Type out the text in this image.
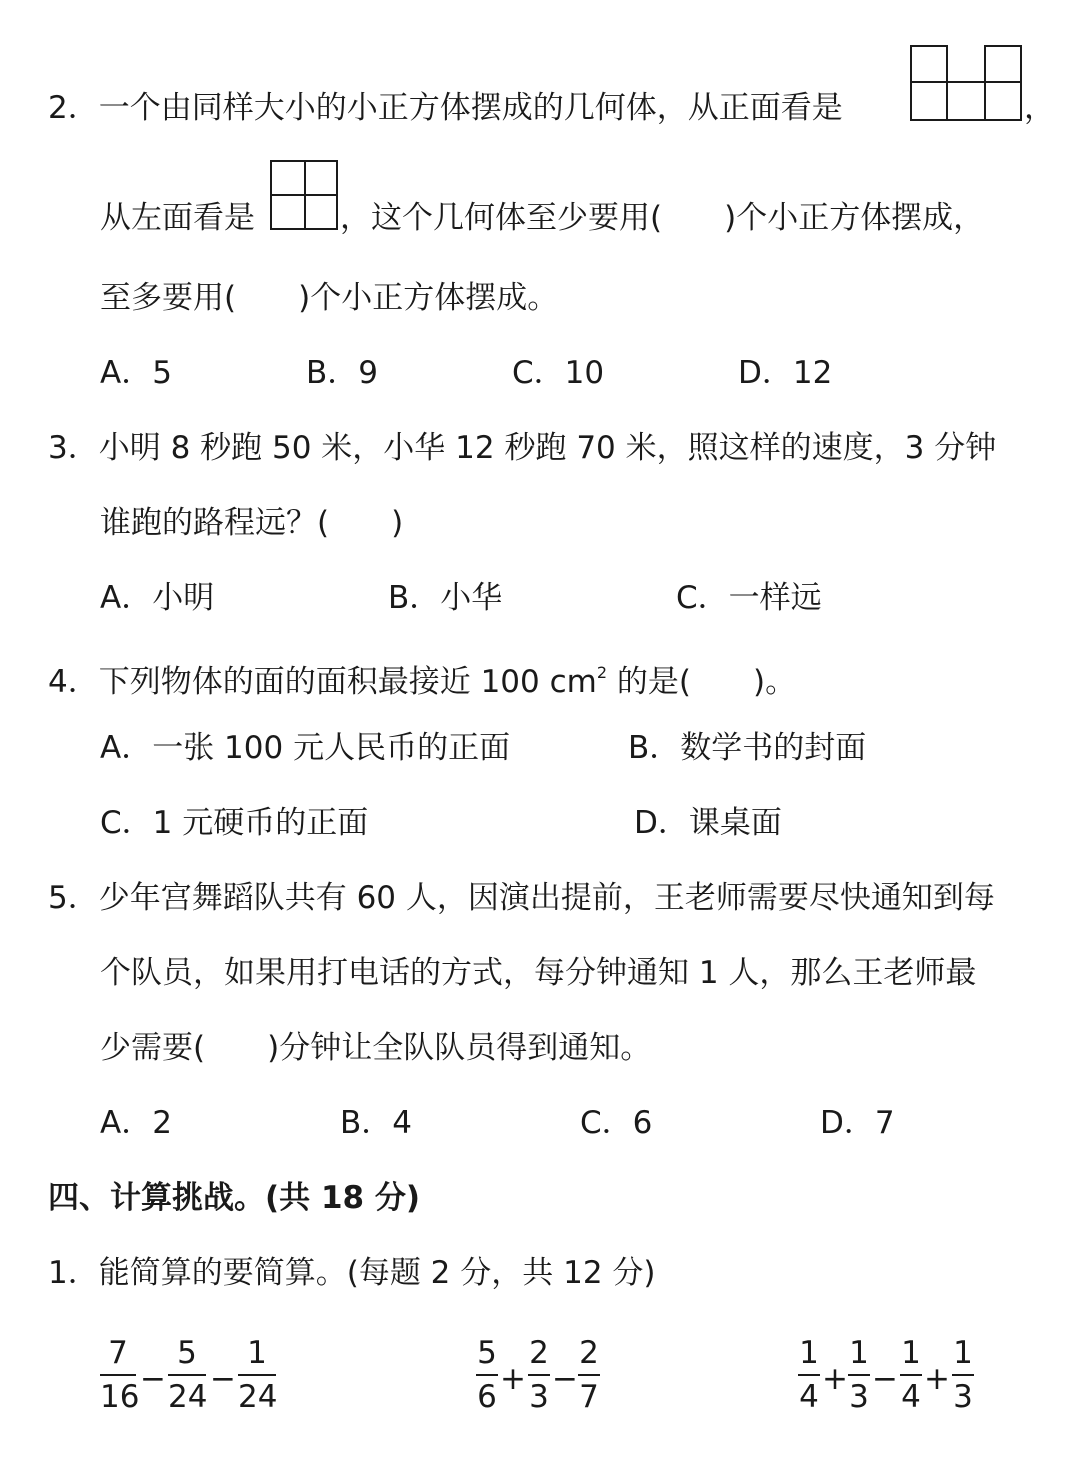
2．一个由同样大小的小正方体摆成的几何体，从正面看是	，
从左面看是	，这个几何体至少要用( )个小正方体摆成，
至多要用( )个小正方体摆成。
A．5	B．9	C．10	D．12
3．小明 8 秒跑 50 米，小华 12 秒跑 70 米，照这样的速度，3 分钟
谁跑的路程远？( )
A．小明	B．小华	C．一样远
4．下列物体的面的面积最接近 100 $cm^2$ 的是( )。
A．一张 100 元人民币的正面	B．数学书的封面
C．1 元硬币的正面	D．课桌面
5．少年宫舞蹈队共有 60 人，因演出提前，王老师需要尽快通知到每
个队员，如果用打电话的方式，每分钟通知 1 人，那么王老师最
少需要( )分钟让全队队员得到通知。
A．2	B．4	C．6	D．7
四、计算挑战。(共 18 分)
1．能简算的要简算。(每题 2 分，共 12 分)
7
16 −
5
24 −
1
24
5
6 +
2
3 −
2
7
1
4 +
1
3 −
1
4 +
1
3
